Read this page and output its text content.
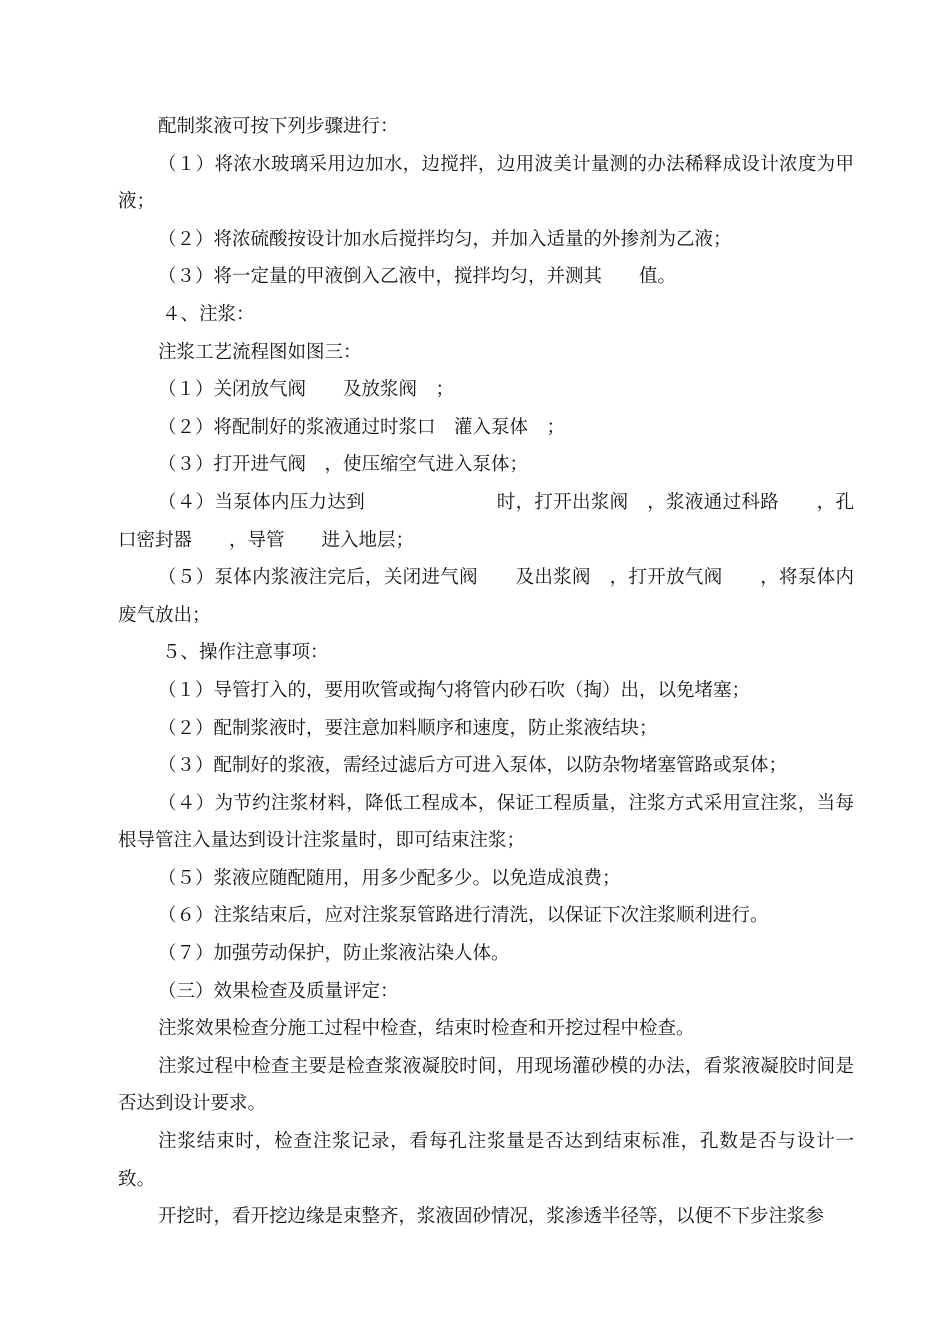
配制浆液可按下列步骤进行：

（１）将浓水玻璃采用边加水，边搅拌，边用波美计量测的办法稀释成设计浓度为甲液；

（２）将浓硫酸按设计加水后搅拌均匀，并加入适量的外掺剂为乙液；

（３）将一定量的甲液倒入乙液中，搅拌均匀，并测其　　值。

４、注浆：

注浆工艺流程图如图三：

（１）关闭放气阀　　及放浆阀　；

（２）将配制好的浆液通过时浆口　灌入泵体　；

（３）打开进气阀　，使压缩空气进入泵体；

（４）当泵体内压力达到　　　　　　　时，打开出浆阀　，浆液通过科路　　，孔口密封器　　，导管　　进入地层；

（５）泵体内浆液注完后，关闭进气阀　　及出浆阀　，打开放气阀　　，将泵体内废气放出；

５、操作注意事项：

（１）导管打入的，要用吹管或掏勺将管内砂石吹（掏）出，以免堵塞；

（２）配制浆液时，要注意加料顺序和速度，防止浆液结块；

（３）配制好的浆液，需经过滤后方可进入泵体，以防杂物堵塞管路或泵体；

（４）为节约注浆材料，降低工程成本，保证工程质量，注浆方式采用宣注浆，当每根导管注入量达到设计注浆量时，即可结束注浆；

（５）浆液应随配随用，用多少配多少。以免造成浪费；

（６）注浆结束后，应对注浆泵管路进行清洗，以保证下次注浆顺利进行。

（７）加强劳动保护，防止浆液沾染人体。

（三）效果检查及质量评定：

注浆效果检查分施工过程中检查，结束时检查和开挖过程中检查。

注浆过程中检查主要是检查浆液凝胶时间，用现场灌砂模的办法，看浆液凝胶时间是否达到设计要求。

注浆结束时，检查注浆记录，看每孔注浆量是否达到结束标准，孔数是否与设计一致。

开挖时，看开挖边缘是束整齐，浆液固砂情况，浆渗透半径等，以便不下步注浆参
